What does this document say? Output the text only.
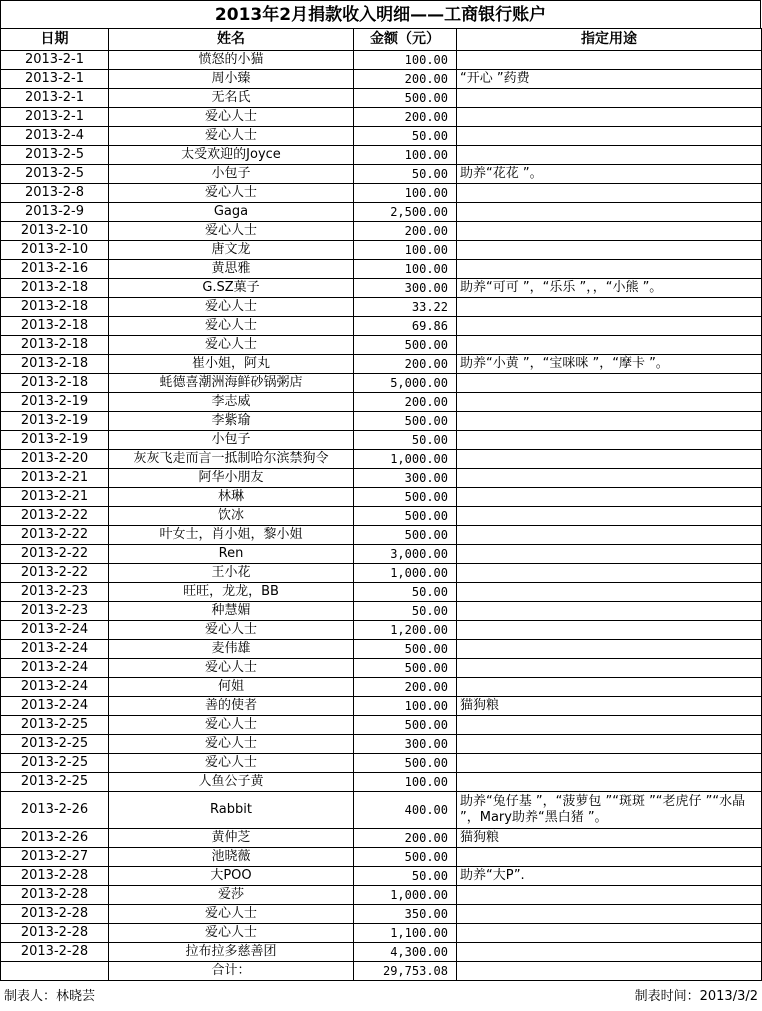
2013年2月捐款收入明细——工商银行账户
日期	姓名	金额（元）	指定用途
2013-2-1	愤怒的小猫	100.00	
2013-2-1	周小臻	200.00	“开心 ”药费
2013-2-1	无名氏	500.00	
2013-2-1	爱心人士	200.00	
2013-2-4	爱心人士	50.00	
2013-2-5	太受欢迎的Joyce	100.00	
2013-2-5	小包子	50.00	助养“花花 ”。
2013-2-8	爱心人士	100.00	
2013-2-9	Gaga	2,500.00	
2013-2-10	爱心人士	200.00	
2013-2-10	唐文龙	100.00	
2013-2-16	黄思雅	100.00	
2013-2-18	G.SZ菓子	300.00	助养“可可 ”，“乐乐 ”，，“小熊 ”。
2013-2-18	爱心人士	33.22	
2013-2-18	爱心人士	69.86	
2013-2-18	爱心人士	500.00	
2013-2-18	崔小姐，阿丸	200.00	助养“小黄 ”，“宝咪咪 ”，“摩卡 ”。
2013-2-18	蚝德喜潮洲海鲜砂锅粥店	5,000.00	
2013-2-19	李志威	200.00	
2013-2-19	李紫瑜	500.00	
2013-2-19	小包子	50.00	
2013-2-20	灰灰飞走而言一抵制哈尔滨禁狗令	1,000.00	
2013-2-21	阿华小朋友	300.00	
2013-2-21	林琳	500.00	
2013-2-22	饮冰	500.00	
2013-2-22	叶女士，肖小姐，黎小姐	500.00	
2013-2-22	Ren	3,000.00	
2013-2-22	王小花	1,000.00	
2013-2-23	旺旺，龙龙，BB	50.00	
2013-2-23	种慧媚	50.00	
2013-2-24	爱心人士	1,200.00	
2013-2-24	麦伟雄	500.00	
2013-2-24	爱心人士	500.00	
2013-2-24	何姐	200.00	
2013-2-24	善的使者	100.00	猫狗粮
2013-2-25	爱心人士	500.00	
2013-2-25	爱心人士	300.00	
2013-2-25	爱心人士	500.00	
2013-2-25	人鱼公子黄	100.00	
2013-2-26	Rabbit	400.00	助养“兔仔基 ”，“菠萝包 ”“斑斑 ”“老虎仔 ”“水晶 ”，Mary助养“黑白猪 ”。
2013-2-26	黄仲芝	200.00	猫狗粮
2013-2-27	池晓薇	500.00	
2013-2-28	大POO	50.00	助养“大P”.
2013-2-28	爱莎	1,000.00	
2013-2-28	爱心人士	350.00	
2013-2-28	爱心人士	1,100.00	
2013-2-28	拉布拉多慈善团	4,300.00	
	合计：	29,753.08	
制表人：林晓芸	制表时间：2013/3/2
